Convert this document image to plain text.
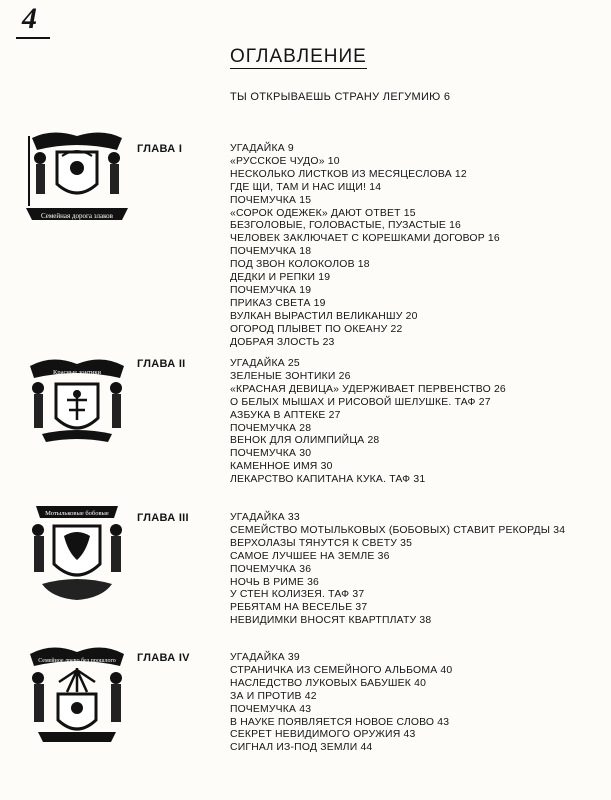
4
ОГЛАВЛЕНИЕ
ТЫ ОТКРЫВАЕШЬ СТРАНУ ЛЕГУМИЮ 6
Семейная дорога злаков
ГЛАВА I	УГАДАЙКА 9
«РУССКОЕ ЧУДО» 10
НЕСКОЛЬКО ЛИСТКОВ ИЗ МЕСЯЦЕСЛОВА 12
ГДЕ ЩИ, ТАМ И НАС ИЩИ! 14
ПОЧЕМУЧКА 15
«СОРОК ОДЕЖЕК» ДАЮТ ОТВЕТ 15
БЕЗГОЛОВЫЕ, ГОЛОВАСТЫЕ, ПУЗАСТЫЕ 16
ЧЕЛОВЕК ЗАКЛЮЧАЕТ С КОРЕШКАМИ ДОГОВОР 16
ПОЧЕМУЧКА 18
ПОД ЗВОН КОЛОКОЛОВ 18
ДЕДКИ И РЕПКИ 19
ПОЧЕМУЧКА 19
ПРИКАЗ СВЕТА 19
ВУЛКАН ВЫРАСТИЛ ВЕЛИКАНШУ 20
ОГОРОД ПЛЫВЕТ ПО ОКЕАНУ 22
ДОБРАЯ ЗЛОСТЬ 23
Красные зонтики
ГЛАВА II	УГАДАЙКА 25
ЗЕЛЕНЫЕ ЗОНТИКИ 26
«КРАСНАЯ ДЕВИЦА» УДЕРЖИВАЕТ ПЕРВЕНСТВО 26
О БЕЛЫХ МЫШАХ И РИСОВОЙ ШЕЛУШКЕ. ТАФ 27
АЗБУКА В АПТЕКЕ 27
ПОЧЕМУЧКА 28
ВЕНОК ДЛЯ ОЛИМПИЙЦА 28
ПОЧЕМУЧКА 30
КАМЕННОЕ ИМЯ 30
ЛЕКАРСТВО КАПИТАНА КУКА. ТАФ 31
Мотыльковые бобовые	ГЛАВА III	УГАДАЙКА 33
СЕМЕЙСТВО МОТЫЛЬКОВЫХ (БОБОВЫХ) СТАВИТ РЕКОРДЫ 34
ВЕРХОЛАЗЫ ТЯНУТСЯ К СВЕТУ 35
САМОЕ ЛУЧШЕЕ НА ЗЕМЛЕ 36
ПОЧЕМУЧКА 36
НОЧЬ В РИМЕ 36
У СТЕН КОЛИЗЕЯ. ТАФ 37
РЕБЯТАМ НА ВЕСЕЛЬЕ 37
НЕВИДИМКИ ВНОСЯТ КВАРТПЛАТУ 38
Семейное древо без прошлого ГЛАВА IV	УГАДАЙКА 39
СТРАНИЧКА ИЗ СЕМЕЙНОГО АЛЬБОМА 40
НАСЛЕДСТВО ЛУКОВЫХ БАБУШЕК 40
ЗА И ПРОТИВ 42
ПОЧЕМУЧКА 43
В НАУКЕ ПОЯВЛЯЕТСЯ НОВОЕ СЛОВО 43
СЕКРЕТ НЕВИДИМОГО ОРУЖИЯ 43
СИГНАЛ ИЗ-ПОД ЗЕМЛИ 44
